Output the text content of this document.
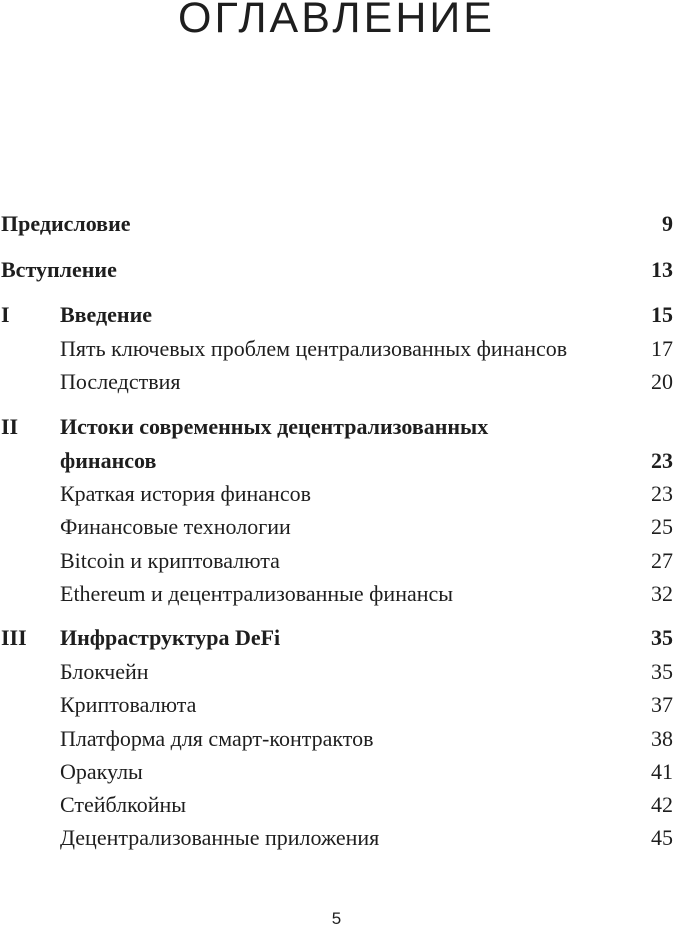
ОГЛАВЛЕНИЕ
Предисловие	9
Вступление	13
I Введение	15
Пять ключевых проблем централизованных финансов	17
Последствия	20
II Истоки современных децентрализованных
финансов	23
Краткая история финансов	23
Финансовые технологии	25
Bitcoin и криптовалюта	27
Ethereum и децентрализованные финансы	32
III Инфраструктура DeFi	35
Блокчейн	35
Криптовалюта	37
Платформа для смарт-контрактов	38
Оракулы	41
Стейблкойны	42
Децентрализованные приложения	45
5
